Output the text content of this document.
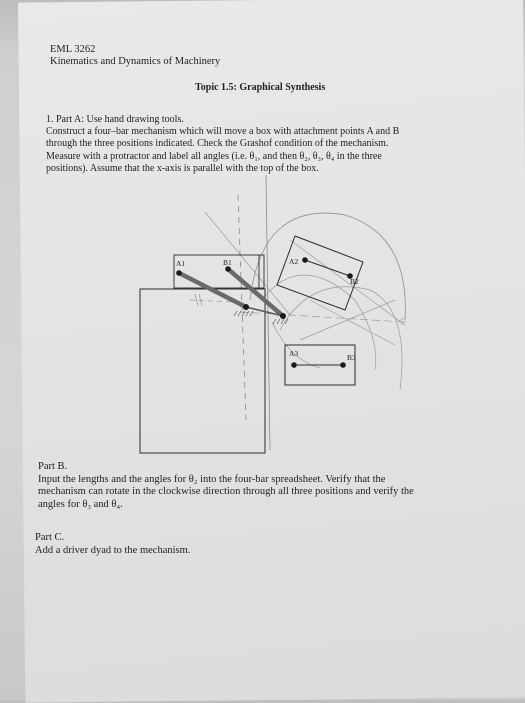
EML 3262
Kinematics and Dynamics of Machinery
Topic 1.5: Graphical Synthesis
1. Part A: Use hand drawing tools.
Construct a four–bar mechanism which will move a box with attachment points A and B
through the three positions indicated. Check the Grashof condition of the mechanism.
Measure with a protractor and label all angles (i.e. θ₁, and then θ₂, θ₃, θ₄ in the three
positions). Assume that the x-axis is parallel with the top of the box.
A1	B1	A2
B2
A3	B3
Part B.
Input the lengths and the angles for θ₂ into the four-bar spreadsheet. Verify that the
mechanism can rotate in the clockwise direction through all three positions and verify the
angles for θ₃ and θ₄.
Part C.
Add a driver dyad to the mechanism.
